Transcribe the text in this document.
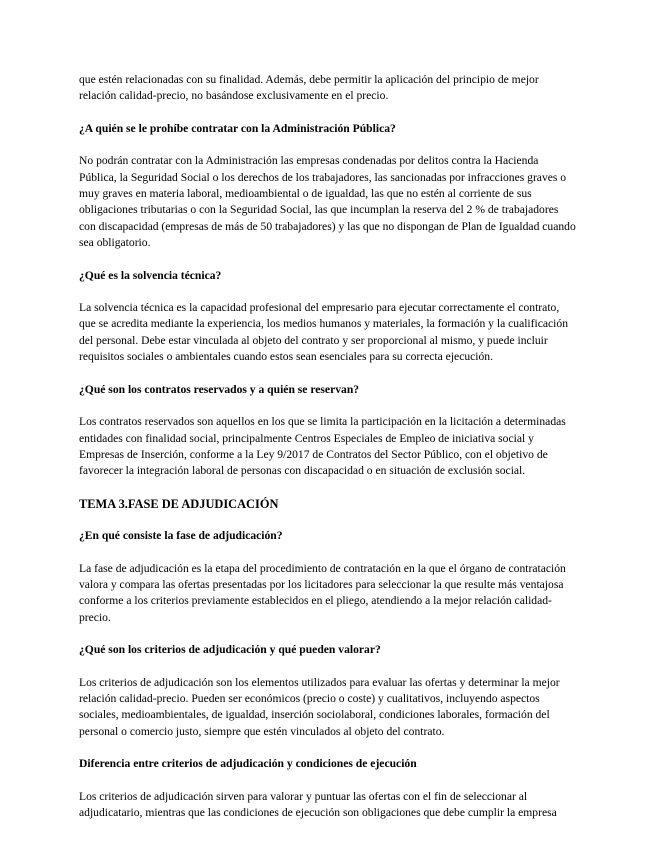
que estén relacionadas con su finalidad. Además, debe permitir la aplicación del principio de mejor relación calidad-precio, no basándose exclusivamente en el precio.

¿A quién se le prohíbe contratar con la Administración Pública?

No podrán contratar con la Administración las empresas condenadas por delitos contra la Hacienda Pública, la Seguridad Social o los derechos de los trabajadores, las sancionadas por infracciones graves o muy graves en materia laboral, medioambiental o de igualdad, las que no estén al corriente de sus obligaciones tributarias o con la Seguridad Social, las que incumplan la reserva del 2 % de trabajadores con discapacidad (empresas de más de 50 trabajadores) y las que no dispongan de Plan de Igualdad cuando sea obligatorio.

¿Qué es la solvencia técnica?

La solvencia técnica es la capacidad profesional del empresario para ejecutar correctamente el contrato, que se acredita mediante la experiencia, los medios humanos y materiales, la formación y la cualificación del personal. Debe estar vinculada al objeto del contrato y ser proporcional al mismo, y puede incluir requisitos sociales o ambientales cuando estos sean esenciales para su correcta ejecución.

¿Qué son los contratos reservados y a quién se reservan?

Los contratos reservados son aquellos en los que se limita la participación en la licitación a determinadas entidades con finalidad social, principalmente Centros Especiales de Empleo de iniciativa social y Empresas de Inserción, conforme a la Ley 9/2017 de Contratos del Sector Público, con el objetivo de favorecer la integración laboral de personas con discapacidad o en situación de exclusión social.

TEMA 3.FASE DE ADJUDICACIÓN
¿En qué consiste la fase de adjudicación?

La fase de adjudicación es la etapa del procedimiento de contratación en la que el órgano de contratación valora y compara las ofertas presentadas por los licitadores para seleccionar la que resulte más ventajosa conforme a los criterios previamente establecidos en el pliego, atendiendo a la mejor relación calidad-precio.

¿Qué son los criterios de adjudicación y qué pueden valorar?

Los criterios de adjudicación son los elementos utilizados para evaluar las ofertas y determinar la mejor relación calidad-precio. Pueden ser económicos (precio o coste) y cualitativos, incluyendo aspectos sociales, medioambientales, de igualdad, inserción sociolaboral, condiciones laborales, formación del personal o comercio justo, siempre que estén vinculados al objeto del contrato.

Diferencia entre criterios de adjudicación y condiciones de ejecución

Los criterios de adjudicación sirven para valorar y puntuar las ofertas con el fin de seleccionar al adjudicatario, mientras que las condiciones de ejecución son obligaciones que debe cumplir la empresa
